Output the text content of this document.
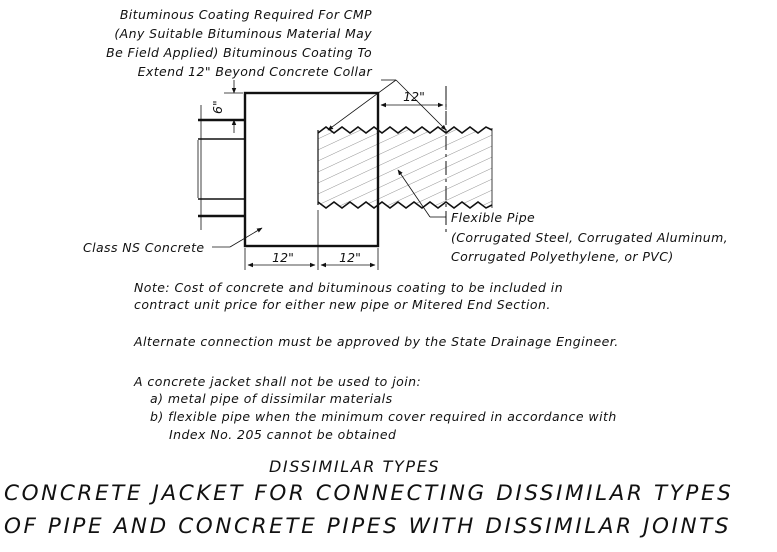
Bituminous Coating Required For CMP
(Any Suitable Bituminous Material May
Be Field Applied) Bituminous Coating To
Extend 12" Beyond Concrete Collar
12"
6"
12"	12"
Class NS Concrete
Flexible Pipe
(Corrugated Steel, Corrugated Aluminum,
Corrugated Polyethylene, or PVC)
Note: Cost of concrete and bituminous coating to be included in
contract unit price for either new pipe or Mitered End Section.
Alternate connection must be approved by the State Drainage Engineer.
A concrete jacket shall not be used to join:
a) metal pipe of dissimilar materials
b) flexible pipe when the minimum cover required in accordance with
Index No. 205 cannot be obtained
DISSIMILAR TYPES
CONCRETE JACKET FOR CONNECTING DISSIMILAR TYPES
OF PIPE AND CONCRETE PIPES WITH DISSIMILAR JOINTS
